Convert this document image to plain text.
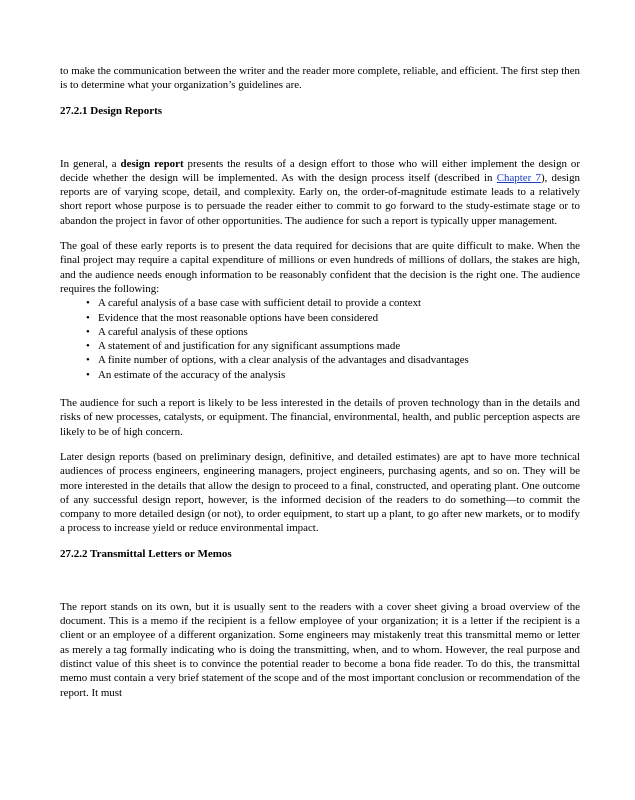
to make the communication between the writer and the reader more complete, reliable, and efficient. The first step then is to determine what your organization’s guidelines are.

27.2.1 Design Reports

In general, a design report presents the results of a design effort to those who will either implement the design or decide whether the design will be implemented. As with the design process itself (described in Chapter 7), design reports are of varying scope, detail, and complexity. Early on, the order-of-magnitude estimate leads to a relatively short report whose purpose is to persuade the reader either to commit to go forward to the study-estimate stage or to abandon the project in favor of other opportunities. The audience for such a report is typically upper management.

The goal of these early reports is to present the data required for decisions that are quite difficult to make. When the final project may require a capital expenditure of millions or even hundreds of millions of dollars, the stakes are high, and the audience needs enough information to be reasonably confident that the decision is the right one. The audience requires the following:

• A careful analysis of a base case with sufficient detail to provide a context
• Evidence that the most reasonable options have been considered
• A careful analysis of these options
• A statement of and justification for any significant assumptions made
• A finite number of options, with a clear analysis of the advantages and disadvantages
• An estimate of the accuracy of the analysis

The audience for such a report is likely to be less interested in the details of proven technology than in the details and risks of new processes, catalysts, or equipment. The financial, environmental, health, and public perception aspects are likely to be of high concern.

Later design reports (based on preliminary design, definitive, and detailed estimates) are apt to have more technical audiences of process engineers, engineering managers, project engineers, purchasing agents, and so on. They will be more interested in the details that allow the design to proceed to a final, constructed, and operating plant. One outcome of any successful design report, however, is the informed decision of the readers to do something—to commit the company to more detailed design (or not), to order equipment, to start up a plant, to go after new markets, or to modify a process to increase yield or reduce environmental impact.

27.2.2 Transmittal Letters or Memos

The report stands on its own, but it is usually sent to the readers with a cover sheet giving a broad overview of the document. This is a memo if the recipient is a fellow employee of your organization; it is a letter if the recipient is a client or an employee of a different organization. Some engineers may mistakenly treat this transmittal memo or letter as merely a tag formally indicating who is doing the transmitting, when, and to whom. However, the real purpose and distinct value of this sheet is to convince the potential reader to become a bona fide reader. To do this, the transmittal memo must contain a very brief statement of the scope and of the most important conclusion or recommendation of the report. It must
